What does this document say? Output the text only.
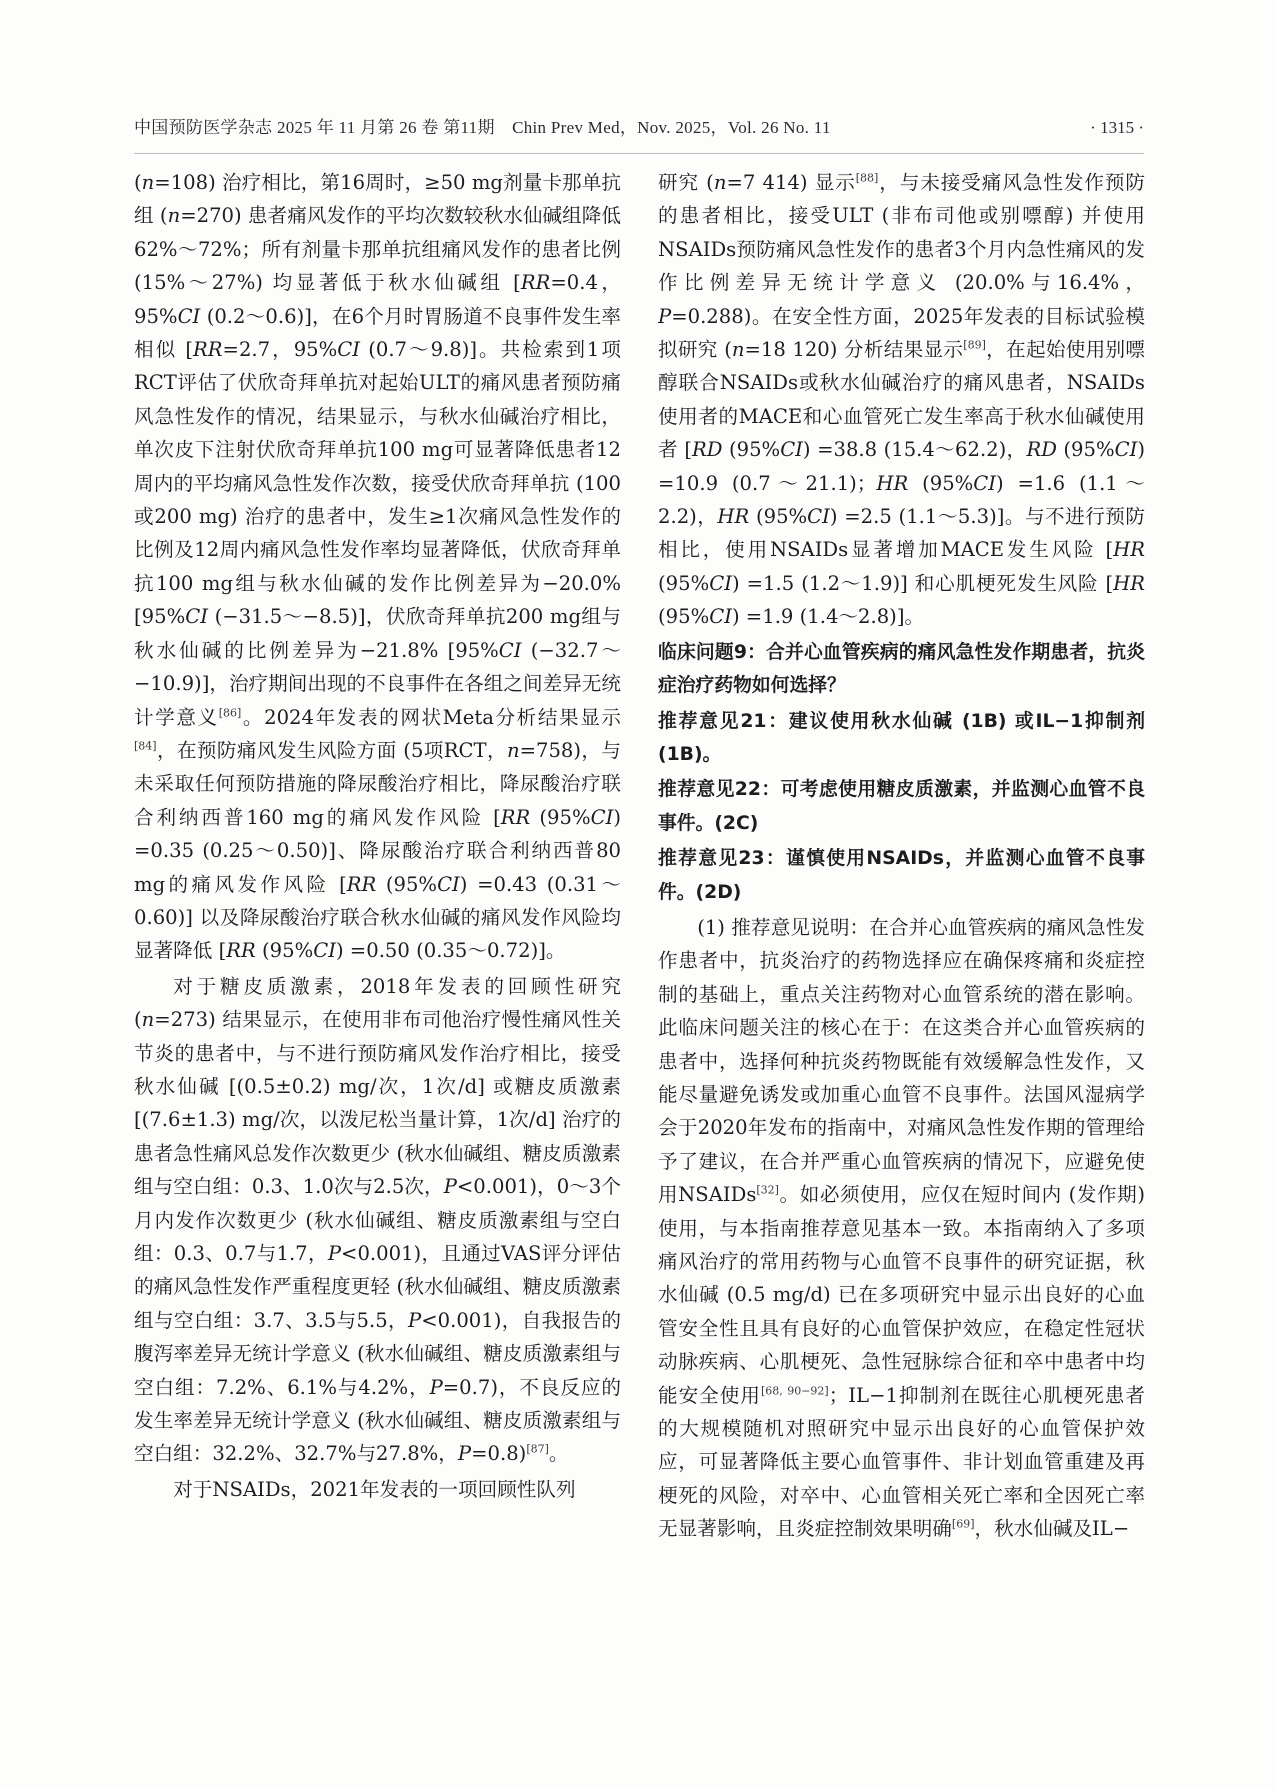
中国预防医学杂志 2025 年 11 月第 26 卷 第11期　Chin Prev Med，Nov. 2025，Vol. 26 No. 11	· 1315 ·

(n=108) 治疗相比，第16周时，≥50 mg剂量卡那单抗组 (n=270) 患者痛风发作的平均次数较秋水仙碱组降低62%～72%；所有剂量卡那单抗组痛风发作的患者比例 (15%～27%) 均显著低于秋水仙碱组 [RR=0.4，95%CI (0.2～0.6)]，在6个月时胃肠道不良事件发生率相似 [RR=2.7，95%CI (0.7～9.8)]。共检索到1项RCT评估了伏欣奇拜单抗对起始ULT的痛风患者预防痛风急性发作的情况，结果显示，与秋水仙碱治疗相比，单次皮下注射伏欣奇拜单抗100 mg可显著降低患者12周内的平均痛风急性发作次数，接受伏欣奇拜单抗 (100或200 mg) 治疗的患者中，发生≥1次痛风急性发作的比例及12周内痛风急性发作率均显著降低，伏欣奇拜单抗100 mg组与秋水仙碱的发作比例差异为−20.0% [95%CI (−31.5～−8.5)]，伏欣奇拜单抗200 mg组与秋水仙碱的比例差异为−21.8% [95%CI (−32.7～−10.9)]，治疗期间出现的不良事件在各组之间差异无统计学意义[86]。2024年发表的网状Meta分析结果显示[84]，在预防痛风发生风险方面 (5项RCT，n=758)，与未采取任何预防措施的降尿酸治疗相比，降尿酸治疗联合利纳西普160 mg的痛风发作风险 [RR (95%CI) =0.35 (0.25～0.50)]、降尿酸治疗联合利纳西普80 mg的痛风发作风险 [RR (95%CI) =0.43 (0.31～0.60)] 以及降尿酸治疗联合秋水仙碱的痛风发作风险均显著降低 [RR (95%CI) =0.50 (0.35～0.72)]。

对于糖皮质激素，2018年发表的回顾性研究 (n=273) 结果显示，在使用非布司他治疗慢性痛风性关节炎的患者中，与不进行预防痛风发作治疗相比，接受秋水仙碱 [(0.5±0.2) mg/次，1次/d] 或糖皮质激素 [(7.6±1.3) mg/次，以泼尼松当量计算，1次/d] 治疗的患者急性痛风总发作次数更少 (秋水仙碱组、糖皮质激素组与空白组：0.3、1.0次与2.5次，P<0.001)，0～3个月内发作次数更少 (秋水仙碱组、糖皮质激素组与空白组：0.3、0.7与1.7，P<0.001)，且通过VAS评分评估的痛风急性发作严重程度更轻 (秋水仙碱组、糖皮质激素组与空白组：3.7、3.5与5.5，P<0.001)，自我报告的腹泻率差异无统计学意义 (秋水仙碱组、糖皮质激素组与空白组：7.2%、6.1%与4.2%，P=0.7)，不良反应的发生率差异无统计学意义 (秋水仙碱组、糖皮质激素组与空白组：32.2%、32.7%与27.8%，P=0.8)[87]。

对于NSAIDs，2021年发表的一项回顾性队列

研究 (n=7 414) 显示[88]，与未接受痛风急性发作预防的患者相比，接受ULT (非布司他或别嘌醇) 并使用NSAIDs预防痛风急性发作的患者3个月内急性痛风的发作比例差异无统计学意义 (20.0%与16.4%，P=0.288)。在安全性方面，2025年发表的目标试验模拟研究 (n=18 120) 分析结果显示[89]，在起始使用别嘌醇联合NSAIDs或秋水仙碱治疗的痛风患者，NSAIDs使用者的MACE和心血管死亡发生率高于秋水仙碱使用者 [RD (95%CI) =38.8 (15.4～62.2)，RD (95%CI) =10.9 (0.7～21.1)；HR (95%CI) =1.6 (1.1～2.2)，HR (95%CI) =2.5 (1.1～5.3)]。与不进行预防相比，使用NSAIDs显著增加MACE发生风险 [HR (95%CI) =1.5 (1.2～1.9)] 和心肌梗死发生风险 [HR (95%CI) =1.9 (1.4～2.8)]。

临床问题9：合并心血管疾病的痛风急性发作期患者，抗炎症治疗药物如何选择？

推荐意见21：建议使用秋水仙碱 (1B) 或IL−1抑制剂 (1B)。

推荐意见22：可考虑使用糖皮质激素，并监测心血管不良事件。(2C)

推荐意见23：谨慎使用NSAIDs，并监测心血管不良事件。(2D)

(1) 推荐意见说明：在合并心血管疾病的痛风急性发作患者中，抗炎治疗的药物选择应在确保疼痛和炎症控制的基础上，重点关注药物对心血管系统的潜在影响。此临床问题关注的核心在于：在这类合并心血管疾病的患者中，选择何种抗炎药物既能有效缓解急性发作，又能尽量避免诱发或加重心血管不良事件。法国风湿病学会于2020年发布的指南中，对痛风急性发作期的管理给予了建议，在合并严重心血管疾病的情况下，应避免使用NSAIDs[32]。如必须使用，应仅在短时间内 (发作期) 使用，与本指南推荐意见基本一致。本指南纳入了多项痛风治疗的常用药物与心血管不良事件的研究证据，秋水仙碱 (0.5 mg/d) 已在多项研究中显示出良好的心血管安全性且具有良好的心血管保护效应，在稳定性冠状动脉疾病、心肌梗死、急性冠脉综合征和卒中患者中均能安全使用[68, 90−92]；IL−1抑制剂在既往心肌梗死患者的大规模随机对照研究中显示出良好的心血管保护效应，可显著降低主要心血管事件、非计划血管重建及再梗死的风险，对卒中、心血管相关死亡率和全因死亡率无显著影响，且炎症控制效果明确[69]，秋水仙碱及IL−
